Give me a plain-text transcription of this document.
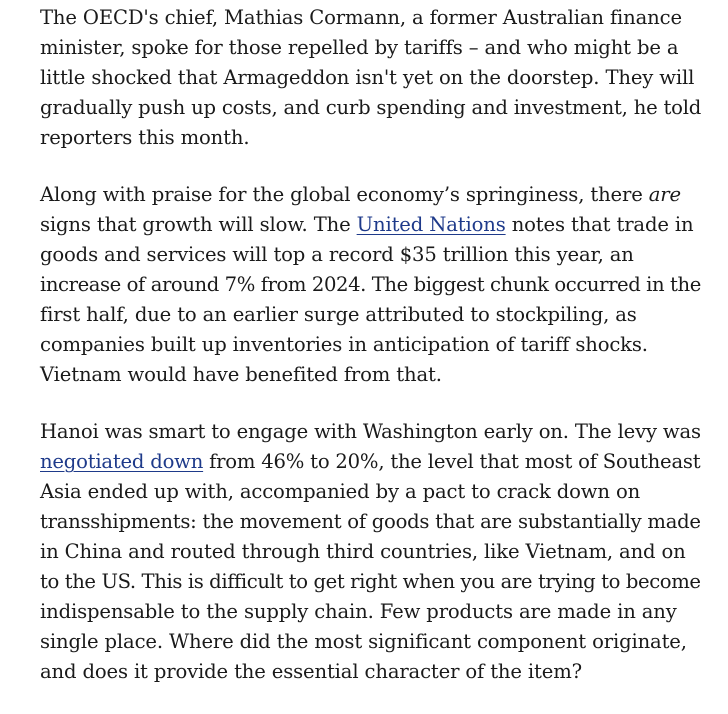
The OECD's chief, Mathias Cormann, a former Australian finance
minister, spoke for those repelled by tariffs – and who might be a
little shocked that Armageddon isn't yet on the doorstep. They will
gradually push up costs, and curb spending and investment, he told
reporters this month.

Along with praise for the global economy’s springiness, there are
signs that growth will slow. The United Nations notes that trade in
goods and services will top a record $35 trillion this year, an
increase of around 7% from 2024. The biggest chunk occurred in the
first half, due to an earlier surge attributed to stockpiling, as
companies built up inventories in anticipation of tariff shocks.
Vietnam would have benefited from that.

Hanoi was smart to engage with Washington early on. The levy was
negotiated down from 46% to 20%, the level that most of Southeast
Asia ended up with, accompanied by a pact to crack down on
transshipments: the movement of goods that are substantially made
in China and routed through third countries, like Vietnam, and on
to the US. This is difficult to get right when you are trying to become
indispensable to the supply chain. Few products are made in any
single place. Where did the most significant component originate,
and does it provide the essential character of the item?
